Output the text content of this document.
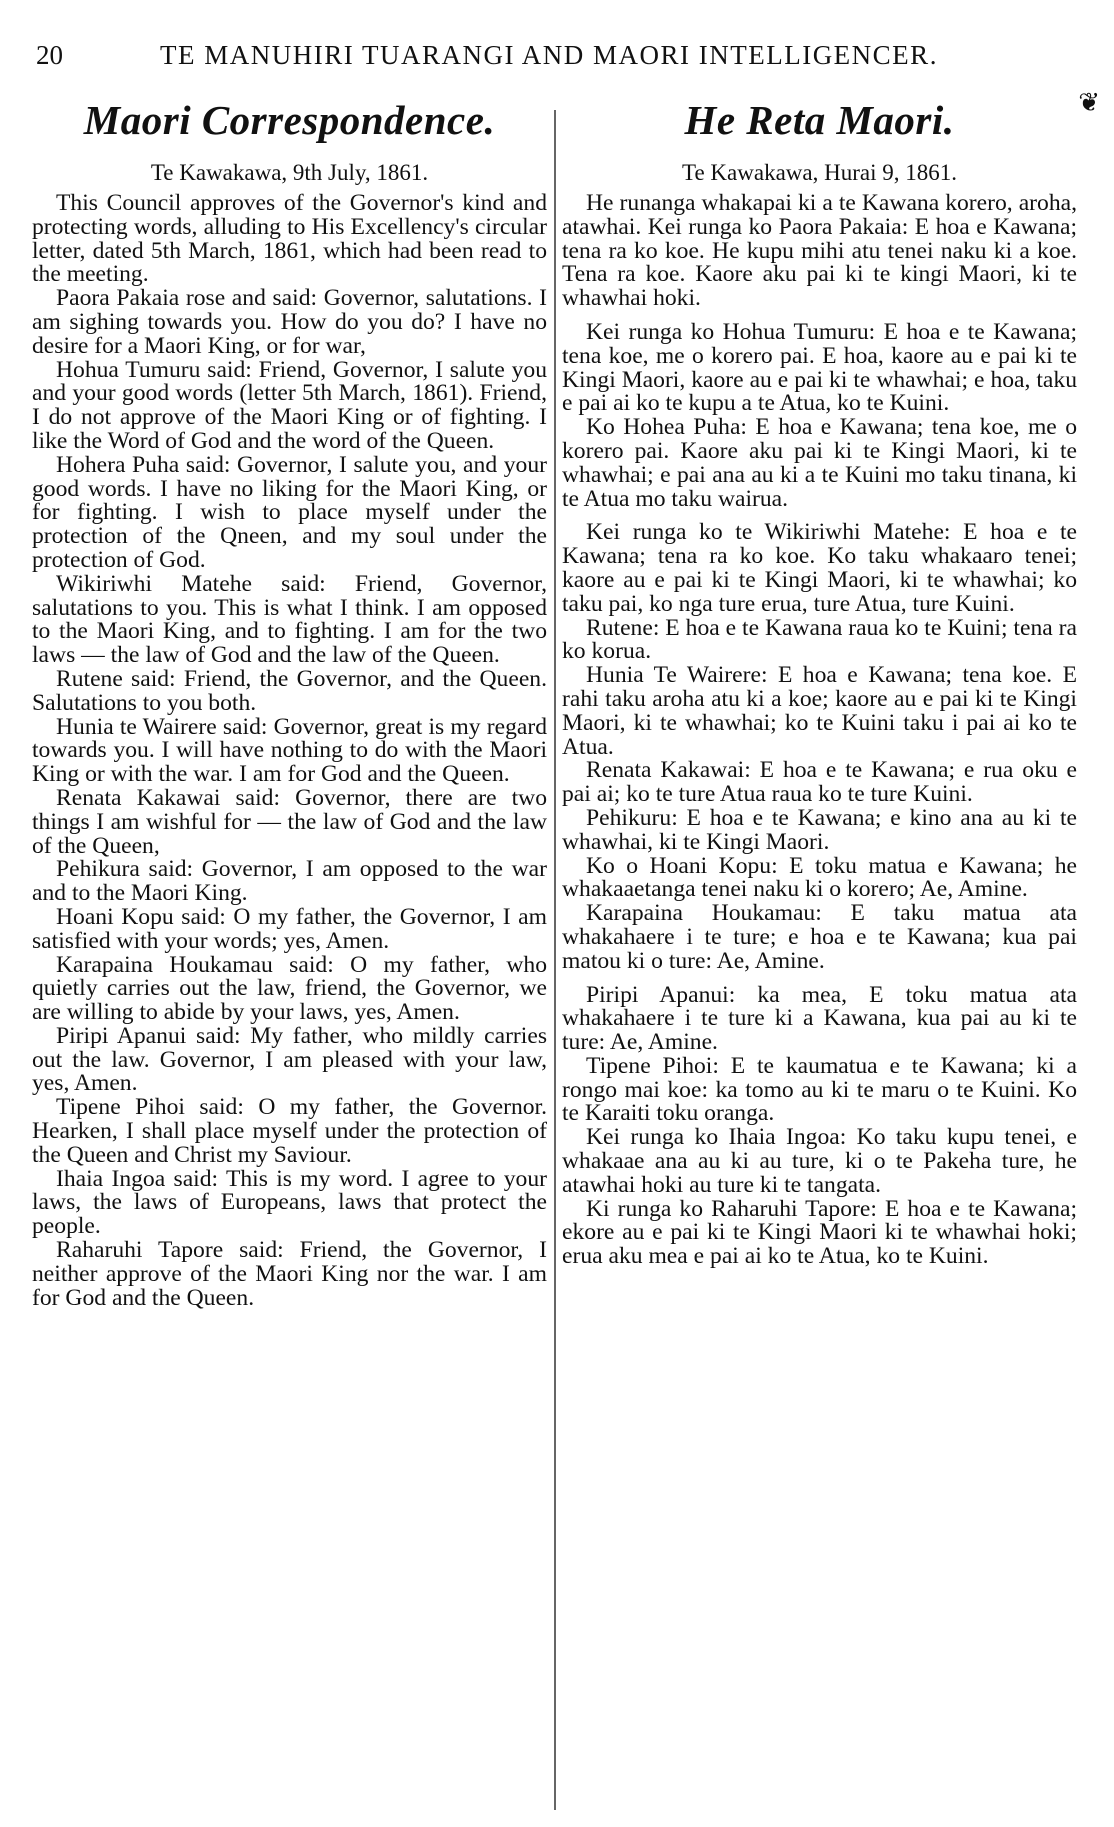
20	TE MANUHIRI TUARANGI AND MAORI INTELLIGENCER.
❦
Maori Correspondence.
Te Kawakawa, 9th July, 1861.

This Council approves of the Governor's kind and protecting words, alluding to His Excellency's circular letter, dated 5th March, 1861, which had been read to the meeting.

Paora Pakaia rose and said: Governor, salutations. I am sighing towards you. How do you do? I have no desire for a Maori King, or for war,

Hohua Tumuru said: Friend, Governor, I salute you and your good words (letter 5th March, 1861). Friend, I do not approve of the Maori King or of fighting. I like the Word of God and the word of the Queen.

Hohera Puha said: Governor, I salute you, and your good words. I have no liking for the Maori King, or for fighting. I wish to place myself under the protection of the Qneen, and my soul under the protection of God.

Wikiriwhi Matehe said: Friend, Governor, salutations to you. This is what I think. I am opposed to the Maori King, and to fighting. I am for the two laws — the law of God and the law of the Queen.

Rutene said: Friend, the Governor, and the Queen. Salutations to you both.

Hunia te Wairere said: Governor, great is my regard towards you. I will have nothing to do with the Maori King or with the war. I am for God and the Queen.

Renata Kakawai said: Governor, there are two things I am wishful for — the law of God and the law of the Queen,

Pehikura said: Governor, I am opposed to the war and to the Maori King.

Hoani Kopu said: O my father, the Governor, I am satisfied with your words; yes, Amen.

Karapaina Houkamau said: O my father, who quietly carries out the law, friend, the Governor, we are willing to abide by your laws, yes, Amen.

Piripi Apanui said: My father, who mildly carries out the law. Governor, I am pleased with your law, yes, Amen.

Tipene Pihoi said: O my father, the Governor. Hearken, I shall place myself under the protection of the Queen and Christ my Saviour.

Ihaia Ingoa said: This is my word. I agree to your laws, the laws of Europeans, laws that protect the people.

Raharuhi Tapore said: Friend, the Governor, I neither approve of the Maori King nor the war. I am for God and the Queen.

He Reta Maori.
Te Kawakawa, Hurai 9, 1861.

He runanga whakapai ki a te Kawana korero, aroha, atawhai. Kei runga ko Paora Pakaia: E hoa e Kawana; tena ra ko koe. He kupu mihi atu tenei naku ki a koe. Tena ra koe. Kaore aku pai ki te kingi Maori, ki te whawhai hoki.

Kei runga ko Hohua Tumuru: E hoa e te Kawana; tena koe, me o korero pai. E hoa, kaore au e pai ki te Kingi Maori, kaore au e pai ki te whawhai; e hoa, taku e pai ai ko te kupu a te Atua, ko te Kuini.

Ko Hohea Puha: E hoa e Kawana; tena koe, me o korero pai. Kaore aku pai ki te Kingi Maori, ki te whawhai; e pai ana au ki a te Kuini mo taku tinana, ki te Atua mo taku wairua.

Kei runga ko te Wikiriwhi Matehe: E hoa e te Kawana; tena ra ko koe. Ko taku whakaaro tenei; kaore au e pai ki te Kingi Maori, ki te whawhai; ko taku pai, ko nga ture erua, ture Atua, ture Kuini.

Rutene: E hoa e te Kawana raua ko te Kuini; tena ra ko korua.

Hunia Te Wairere: E hoa e Kawana; tena koe. E rahi taku aroha atu ki a koe; kaore au e pai ki te Kingi Maori, ki te whawhai; ko te Kuini taku i pai ai ko te Atua.

Renata Kakawai: E hoa e te Kawana; e rua oku e pai ai; ko te ture Atua raua ko te ture Kuini.

Pehikuru: E hoa e te Kawana; e kino ana au ki te whawhai, ki te Kingi Maori.

Ko o Hoani Kopu: E toku matua e Kawana; he whakaaetanga tenei naku ki o korero; Ae, Amine.

Karapaina Houkamau: E taku matua ata whakahaere i te ture; e hoa e te Kawana; kua pai matou ki o ture: Ae, Amine.

Piripi Apanui: ka mea, E toku matua ata whakahaere i te ture ki a Kawana, kua pai au ki te ture: Ae, Amine.

Tipene Pihoi: E te kaumatua e te Kawana; ki a rongo mai koe: ka tomo au ki te maru o te Kuini. Ko te Karaiti toku oranga.

Kei runga ko Ihaia Ingoa: Ko taku kupu tenei, e whakaae ana au ki au ture, ki o te Pakeha ture, he atawhai hoki au ture ki te tangata.

Ki runga ko Raharuhi Tapore: E hoa e te Kawana; ekore au e pai ki te Kingi Maori ki te whawhai hoki; erua aku mea e pai ai ko te Atua, ko te Kuini.
